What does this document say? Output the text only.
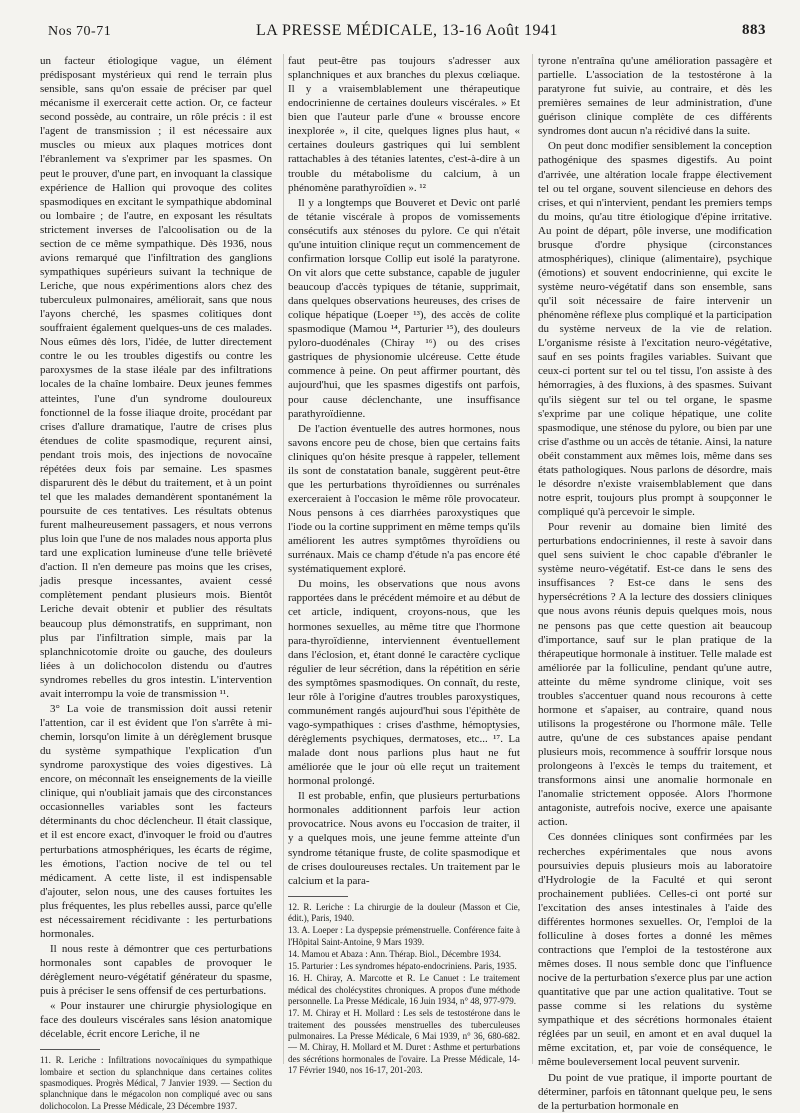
Nos 70-71	LA PRESSE MÉDICALE, 13-16 Août 1941	883

un facteur étiologique vague, un élément prédisposant mystérieux qui rend le terrain plus sensible, sans qu'on essaie de préciser par quel mécanisme il exercerait cette action. Or, ce facteur second possède, au contraire, un rôle précis : il est l'agent de transmission ; il est nécessaire aux muscles ou mieux aux plaques motrices dont l'ébranlement va s'exprimer par les spasmes. On peut le prouver, d'une part, en invoquant la classique expérience de Hallion qui provoque des colites spasmodiques en excitant le sympathique abdominal ou lombaire ; de l'autre, en exposant les résultats strictement inverses de l'alcoolisation ou de la section de ce même sympathique. Dès 1936, nous avions remarqué que l'infiltration des ganglions sympathiques supérieurs suivant la technique de Leriche, que nous expérimentions alors chez des tuberculeux pulmonaires, améliorait, sans que nous l'ayons cherché, les spasmes colitiques dont souffraient également quelques-uns de ces malades. Nous eûmes dès lors, l'idée, de lutter directement contre le ou les troubles digestifs ou contre les paroxysmes de la stase iléale par des infiltrations locales de la chaîne lombaire. Deux jeunes femmes atteintes, l'une d'un syndrome douloureux fonctionnel de la fosse iliaque droite, procédant par crises d'allure dramatique, l'autre de crises plus étendues de colite spasmodique, reçurent ainsi, pendant trois mois, des injections de novocaïne répétées deux fois par semaine. Les spasmes disparurent dès le début du traitement, et à un point tel que les malades demandèrent spontanément la poursuite de ces tentatives. Les résultats obtenus furent malheureusement passagers, et nous verrons plus loin que l'une de nos malades nous apporta plus tard une explication lumineuse d'une telle brièveté d'action. Il n'en demeure pas moins que les crises, jadis presque incessantes, avaient cessé complètement pendant plusieurs mois. Bientôt Leriche devait obtenir et publier des résultats beaucoup plus démonstratifs, en supprimant, non plus par l'infiltration simple, mais par la splanchnicotomie droite ou gauche, des douleurs liées à un dolichocolon distendu ou d'autres syndromes rebelles du gros intestin. L'intervention avait interrompu la voie de transmission ¹¹.

3° La voie de transmission doit aussi retenir l'attention, car il est évident que l'on s'arrête à mi-chemin, lorsqu'on limite à un dérèglement brusque du système sympathique l'explication d'un syndrome paroxystique des voies digestives. Là encore, on méconnaît les enseignements de la vieille clinique, qui n'oubliait jamais que des circonstances occasionnelles variables sont les facteurs déterminants du choc déclencheur. Il était classique, et il est encore exact, d'invoquer le froid ou d'autres perturbations atmosphériques, les écarts de régime, les émotions, l'action nocive de tel ou tel médicament. A cette liste, il est indispensable d'ajouter, selon nous, une des causes fortuites les plus fréquentes, les plus rebelles aussi, parce qu'elle est nécessairement récidivante : les perturbations hormonales.

Il nous reste à démontrer que ces perturbations hormonales sont capables de provoquer le dérèglement neuro-végétatif générateur du spasme, puis à préciser le sens offensif de ces perturbations.

« Pour instaurer une chirurgie physiologique en face des douleurs viscérales sans lésion anatomique décelable, écrit encore Leriche, il ne

11. R. Leriche : Infiltrations novocaïniques du sympathique lombaire et section du splanchnique dans certaines colites spasmodiques. Progrès Médical, 7 Janvier 1939. — Section du splanchnique dans le mégacolon non compliqué avec ou sans dolichocolon. La Presse Médicale, 23 Décembre 1937.

faut peut-être pas toujours s'adresser aux splanchniques et aux branches du plexus cœliaque. Il y a vraisemblablement une thérapeutique endocrinienne de certaines douleurs viscérales. » Et bien que l'auteur parle d'une « brousse encore inexplorée », il cite, quelques lignes plus haut, « certaines douleurs gastriques qui lui semblent rattachables à des tétanies latentes, c'est-à-dire à un trouble du métabolisme du calcium, à un phénomène parathyroïdien ». ¹²

Il y a longtemps que Bouveret et Devic ont parlé de tétanie viscérale à propos de vomissements consécutifs aux sténoses du pylore. Ce qui n'était qu'une intuition clinique reçut un commencement de confirmation lorsque Collip eut isolé la paratyrone. On vit alors que cette substance, capable de juguler beaucoup d'accès typiques de tétanie, supprimait, dans quelques observations heureuses, des crises de colique hépatique (Loeper ¹³), des accès de colite spasmodique (Mamou ¹⁴, Parturier ¹⁵), des douleurs pyloro-duodénales (Chiray ¹⁶) ou des crises gastriques de physionomie ulcéreuse. Cette étude commence à peine. On peut affirmer pourtant, dès aujourd'hui, que les spasmes digestifs ont parfois, pour cause déclenchante, une insuffisance parathyroïdienne.

De l'action éventuelle des autres hormones, nous savons encore peu de chose, bien que certains faits cliniques qu'on hésite presque à rappeler, tellement ils sont de constatation banale, suggèrent peut-être que les perturbations thyroïdiennes ou surrénales exerceraient à l'occasion le même rôle provocateur. Nous pensons à ces diarrhées paroxystiques que l'iode ou la cortine suppriment en même temps qu'ils améliorent les autres symptômes thyroïdiens ou surrénaux. Mais ce champ d'étude n'a pas encore été systématiquement exploré.

Du moins, les observations que nous avons rapportées dans le précédent mémoire et au début de cet article, indiquent, croyons-nous, que les hormones sexuelles, au même titre que l'hormone para-thyroïdienne, interviennent éventuellement dans l'éclosion, et, étant donné le caractère cyclique régulier de leur sécrétion, dans la répétition en série des symptômes spasmodiques. On connaît, du reste, leur rôle à l'origine d'autres troubles paroxystiques, communément rangés aujourd'hui sous l'épithète de vago-sympathiques : crises d'asthme, hémoptysies, dérèglements psychiques, dermatoses, etc... ¹⁷. La malade dont nous parlions plus haut ne fut améliorée que le jour où elle reçut un traitement hormonal prolongé.

Il est probable, enfin, que plusieurs perturbations hormonales additionnent parfois leur action provocatrice. Nous avons eu l'occasion de traiter, il y a quelques mois, une jeune femme atteinte d'un syndrome tétanique fruste, de colite spasmodique et de crises douloureuses rectales. Un traitement par le calcium et la para-

12. R. Leriche : La chirurgie de la douleur (Masson et Cie, édit.), Paris, 1940.

13. A. Loeper : La dyspepsie prémenstruelle. Conférence faite à l'Hôpital Saint-Antoine, 9 Mars 1939.

14. Mamou et Abaza : Ann. Thérap. Biol., Décembre 1934.

15. Parturier : Les syndromes hépato-endocriniens. Paris, 1935.

16. H. Chiray, A. Marcotte et R. Le Canuet : Le traitement médical des cholécystites chroniques. A propos d'une méthode personnelle. La Presse Médicale, 16 Juin 1934, n° 48, 977-979.

17. M. Chiray et H. Mollard : Les sels de testostérone dans le traitement des poussées menstruelles des tuberculeuses pulmonaires. La Presse Médicale, 6 Mai 1939, n° 36, 680-682. — M. Chiray, H. Mollard et M. Duret : Asthme et perturbations des sécrétions hormonales de l'ovaire. La Presse Médicale, 14-17 Février 1940, nos 16-17, 201-203.

tyrone n'entraîna qu'une amélioration passagère et partielle. L'association de la testostérone à la paratyrone fut suivie, au contraire, et dès les premières semaines de leur administration, d'une guérison clinique complète de ces différents syndromes dont aucun n'a récidivé dans la suite.

On peut donc modifier sensiblement la conception pathogénique des spasmes digestifs. Au point d'arrivée, une altération locale frappe électivement tel ou tel organe, souvent silencieuse en dehors des crises, et qui n'intervient, pendant les premiers temps du moins, qu'au titre étiologique d'épine irritative. Au point de départ, pôle inverse, une modification brusque d'ordre physique (circonstances atmosphériques), clinique (alimentaire), psychique (émotions) et souvent endocrinienne, qui excite le système neuro-végétatif dans son ensemble, sans qu'il soit nécessaire de faire intervenir un phénomène réflexe plus compliqué et la participation du système nerveux de la vie de relation. L'organisme résiste à l'excitation neuro-végétative, sauf en ses points fragiles variables. Suivant que ceux-ci portent sur tel ou tel tissu, l'on assiste à des hémorragies, à des fluxions, à des spasmes. Suivant qu'ils siègent sur tel ou tel organe, le spasme s'exprime par une colique hépatique, une colite spasmodique, une sténose du pylore, ou bien par une crise d'asthme ou un accès de tétanie. Ainsi, la nature obéit constamment aux mêmes lois, même dans ses états pathologiques. Nous parlons de désordre, mais le désordre n'existe vraisemblablement que dans notre esprit, toujours plus prompt à soupçonner le compliqué qu'à percevoir le simple.

Pour revenir au domaine bien limité des perturbations endocriniennes, il reste à savoir dans quel sens suivient le choc capable d'ébranler le système neuro-végétatif. Est-ce dans le sens des insuffisances ? Est-ce dans le sens des hypersécrétions ? A la lecture des dossiers cliniques que nous avons réunis depuis quelques mois, nous ne pensons pas que cette question ait beaucoup d'importance, sauf sur le plan pratique de la thérapeutique hormonale à instituer. Telle malade est améliorée par la folliculine, pendant qu'une autre, atteinte du même syndrome clinique, voit ses troubles s'accentuer quand nous recourons à cette hormone et s'apaiser, au contraire, quand nous utilisons la progestérone ou l'hormone mâle. Telle autre, qu'une de ces substances apaise pendant plusieurs mois, recommence à souffrir lorsque nous prolongeons à l'excès le temps du traitement, et transformons ainsi une anomalie hormonale en l'anomalie strictement opposée. Alors l'hormone antagoniste, autrefois nocive, exerce une apaisante action.

Ces données cliniques sont confirmées par les recherches expérimentales que nous avons poursuivies depuis plusieurs mois au laboratoire d'Hydrologie de la Faculté et qui seront prochainement publiées. Celles-ci ont porté sur l'excitation des anses intestinales à l'aide des différentes hormones sexuelles. Or, l'emploi de la folliculine à doses fortes a donné les mêmes contractions que l'emploi de la testostérone aux mêmes doses. Il nous semble donc que l'influence nocive de la perturbation s'exerce plus par une action quantitative que par une action qualitative. Tout se passe comme si les relations du système sympathique et des sécrétions hormonales étaient réglées par un seuil, en amont et en aval duquel la même excitation, et, par voie de conséquence, le même bouleversement local peuvent survenir.

Du point de vue pratique, il importe pourtant de déterminer, parfois en tâtonnant quelque peu, le sens de la perturbation hormonale en
